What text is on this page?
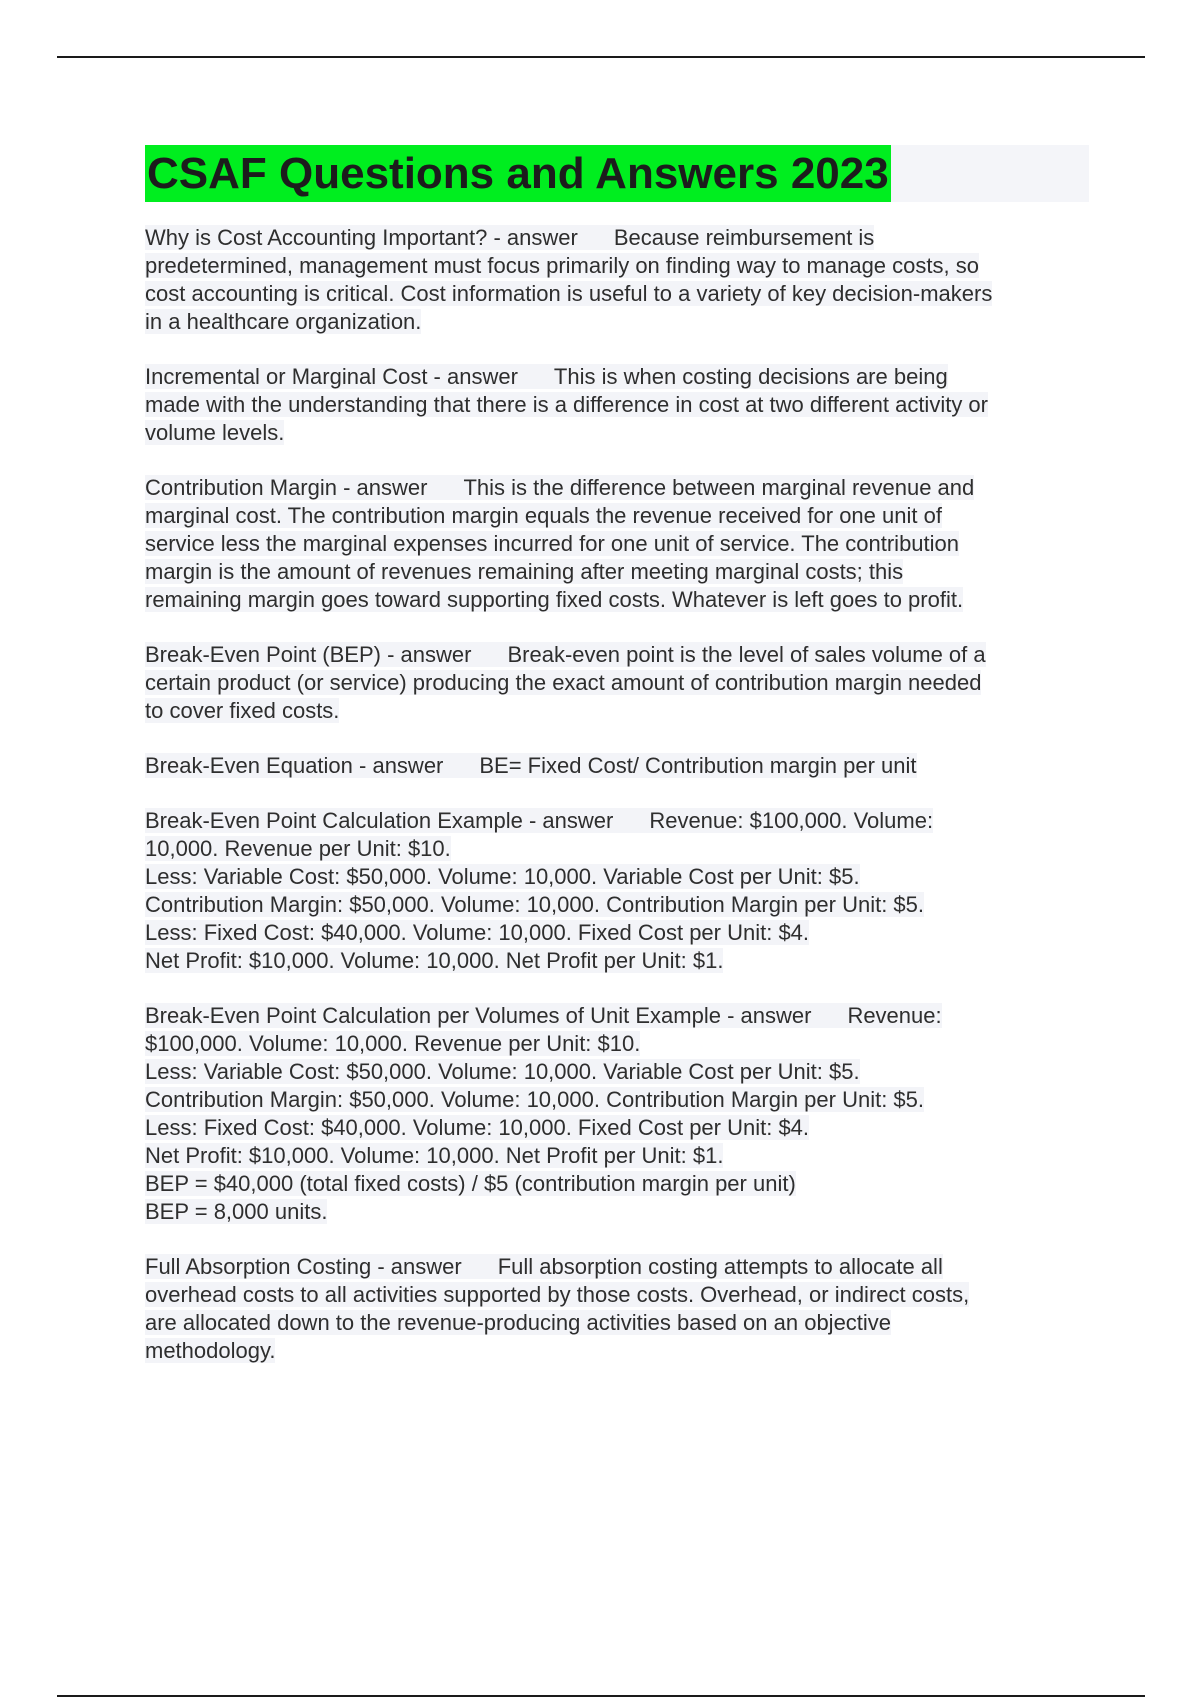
CSAF Questions and Answers 2023
Why is Cost Accounting Important? - answer Because reimbursement is
predetermined, management must focus primarily on finding way to manage costs, so
cost accounting is critical. Cost information is useful to a variety of key decision-makers
in a healthcare organization.
Incremental or Marginal Cost - answer This is when costing decisions are being
made with the understanding that there is a difference in cost at two different activity or
volume levels.
Contribution Margin - answer This is the difference between marginal revenue and
marginal cost. The contribution margin equals the revenue received for one unit of
service less the marginal expenses incurred for one unit of service. The contribution
margin is the amount of revenues remaining after meeting marginal costs; this
remaining margin goes toward supporting fixed costs. Whatever is left goes to profit.
Break-Even Point (BEP) - answer Break-even point is the level of sales volume of a
certain product (or service) producing the exact amount of contribution margin needed
to cover fixed costs.
Break-Even Equation - answer BE= Fixed Cost/ Contribution margin per unit
Break-Even Point Calculation Example - answer Revenue: $100,000. Volume:
10,000. Revenue per Unit: $10.
Less: Variable Cost: $50,000. Volume: 10,000. Variable Cost per Unit: $5.
Contribution Margin: $50,000. Volume: 10,000. Contribution Margin per Unit: $5.
Less: Fixed Cost: $40,000. Volume: 10,000. Fixed Cost per Unit: $4.
Net Profit: $10,000. Volume: 10,000. Net Profit per Unit: $1.
Break-Even Point Calculation per Volumes of Unit Example - answer Revenue:
$100,000. Volume: 10,000. Revenue per Unit: $10.
Less: Variable Cost: $50,000. Volume: 10,000. Variable Cost per Unit: $5.
Contribution Margin: $50,000. Volume: 10,000. Contribution Margin per Unit: $5.
Less: Fixed Cost: $40,000. Volume: 10,000. Fixed Cost per Unit: $4.
Net Profit: $10,000. Volume: 10,000. Net Profit per Unit: $1.
BEP = $40,000 (total fixed costs) / $5 (contribution margin per unit)
BEP = 8,000 units.
Full Absorption Costing - answer Full absorption costing attempts to allocate all
overhead costs to all activities supported by those costs. Overhead, or indirect costs,
are allocated down to the revenue-producing activities based on an objective
methodology.
